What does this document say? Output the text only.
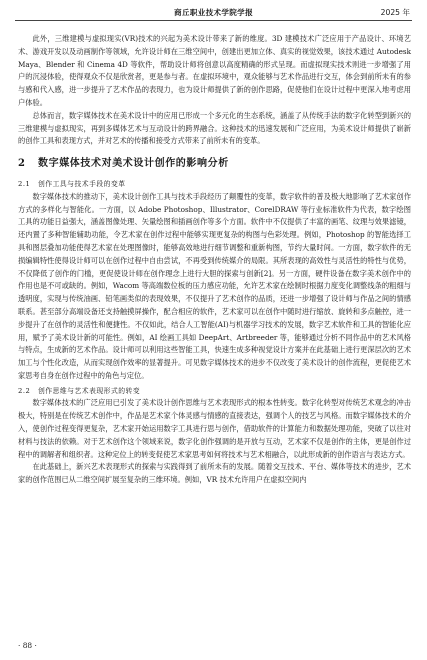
商丘职业技术学院学报	2025 年

此外，三维建模与虚拟现实(VR)技术的兴起为美术设计带来了新的维度。3D 建模技术广泛应用于产品设计、环境艺术、游戏开发以及动画制作等领域，允许设计师在三维空间中，创建出更加立体、真实的视觉效果，该技术通过 Autodesk Maya、Blender 和 Cinema 4D 等软件，帮助设计师将创意以高度精确的形式呈现。而虚拟现实技术则进一步增强了用户的沉浸体验，使得观众不仅是欣赏者，更是参与者。在虚拟环境中，观众能够与艺术作品进行交互，体会到前所未有的参与感和代入感，进一步提升了艺术作品的表现力，也为设计师提供了新的创作思路，促使他们在设计过程中更深入地考虑用户体验。

总体而言，数字媒体技术在美术设计中的应用已形成一个多元化的生态系统，涵盖了从传统手法的数字化转型到新兴的三维建模与虚拟现实，再到多媒体艺术与互动设计的跨界融合。这种技术的迅速发展和广泛应用，为美术设计师提供了崭新的创作工具和表现方式，并对艺术的传播和接受方式带来了前所未有的变革。

2 数字媒体技术对美术设计创作的影响分析
2.1 创作工具与技术手段的变革

数字媒体技术的推动下，美术设计创作工具与技术手段经历了颠覆性的变革，数字软件的普及极大地影响了艺术家创作方式的多样化与智能化。一方面，以 Adobe Photoshop、Illustrator、CorelDRAW 等行业标准软件为代表，数字绘图工具的功能日益强大，涵盖图像处理、矢量绘图和插画创作等多个方面。软件中不仅提供了丰富的画笔、纹理与效果滤镜，还内置了多种智能辅助功能，令艺术家在创作过程中能够实现更复杂的构图与色彩处理。例如，Photoshop 的智能选择工具和图层叠加功能使得艺术家在处理图像时，能够高效地进行细节调整和重新构图，节约大量时间。一方面，数字软件的无损编辑特性使得设计师可以在创作过程中自由尝试，不再受到传统媒介的局限。其所表现的高效性与灵活性的特性与优势，不仅降低了创作的门槛，更促使设计师在创作理念上进行大胆的探索与创新[2]。另一方面，硬件设备在数字美术创作中的作用也是不可或缺的。例如，Wacom 等高端数位板的压力感应功能，允许艺术家在绘制时根据力度变化调整线条的粗细与透明度，实现与传统油画、铅笔画类似的表现效果，不仅提升了艺术创作的品质，还进一步增强了设计师与作品之间的情感联系。甚至部分高端设备还支持触摸屏操作，配合相应的软件，艺术家可以在创作中随时进行缩放、旋转和多点触控，进一步提升了在创作的灵活性和便捷性。不仅如此，结合人工智能(AI)与机器学习技术的发展，数字艺术软件和工具的智能化应用，赋予了美术设计新的可能性。例如，AI 绘画工具如 DeepArt、Artbreeder 等，能够通过分析不同作品中的艺术风格与特点，生成新的艺术作品。设计师可以利用这些智能工具，快速生成多种视觉设计方案并在此基础上进行更深层次的艺术加工与个性化改造，从而实现创作效率的显著提升。可见数字媒体技术的进步不仅改变了美术设计的创作流程，更促使艺术家思考自身在创作过程中的角色与定位。

2.2 创作思维与艺术表现形式的转变

数字媒体技术的广泛应用已引发了美术设计创作思维与艺术表现形式的根本性转变。数字化转型对传统艺术观念的冲击极大，特别是在传统艺术创作中，作品是艺术家个体灵感与情感的直接表达，强调个人的技艺与风格。而数字媒体技术的介入，使创作过程变得更复杂，艺术家开始运用数字工具进行思与创作，借助软件的计算能力和数据处理功能，突破了以往对材料与技法的依赖。对于艺术创作这个领域来说，数字化创作强调的是开放与互动，艺术家不仅是创作的主体，更是创作过程中的调解者和组织者。这种定位上的转变促使艺术家思考如何将技术与艺术相融合，以此形成新的创作语言与表达方式。

在此基础上，新兴艺术表现形式的探索与实践得到了前所未有的发展。随着交互技术、平台、媒体等技术的进步，艺术家的创作范围已从二维空间扩展至复杂的三维环境。例如，VR 技术允许用户在虚拟空间内

· 88 ·
